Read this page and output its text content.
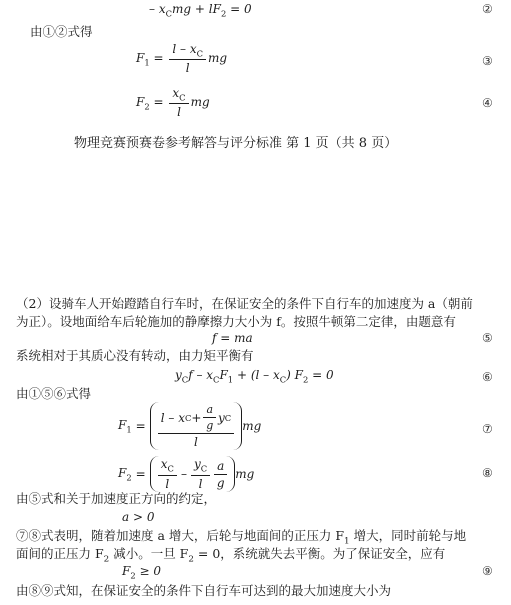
– $x_Cmg + lF_2 = 0$	②
由①②式得
$F_1 = \frac{l - x_C}{l}$ mg	③
$F_2 = \frac{x_C}{l}$ mg	④
物理竞赛预赛卷参考解答与评分标准 第 1 页（共 8 页）
（2）设骑车人开始蹬踏自行车时，在保证安全的条件下自行车的加速度为 a（朝前
为正）。设地面给车后轮施加的静摩擦力大小为 f。按照牛顿第二定律，由题意有
f = ma	⑤
系统相对于其质心没有转动，由力矩平衡有
$y_Cf - x_CF_1 + (l - x_C) F_2 = 0$	⑥
由①⑤⑥式得
$F_1 = \frac{l - x C + \frac{a}{g} y C}{l}$ mg	⑦
$F_2 = \frac{x_C}{l} - \frac{y_C}{l} \frac{a}{g}$ mg	⑧
由⑤式和关于加速度正方向的约定，
a > 0
⑦⑧式表明，随着加速度 a 增大，后轮与地面间的正压力 $F_1$ 增大，同时前轮与地
面间的正压力 $F_2$ 减小。一旦 $F_2 = 0$，系统就失去平衡。为了保证安全，应有
$F_2 \ge 0$	⑨
由⑧⑨式知，在保证安全的条件下自行车可达到的最大加速度大小为
